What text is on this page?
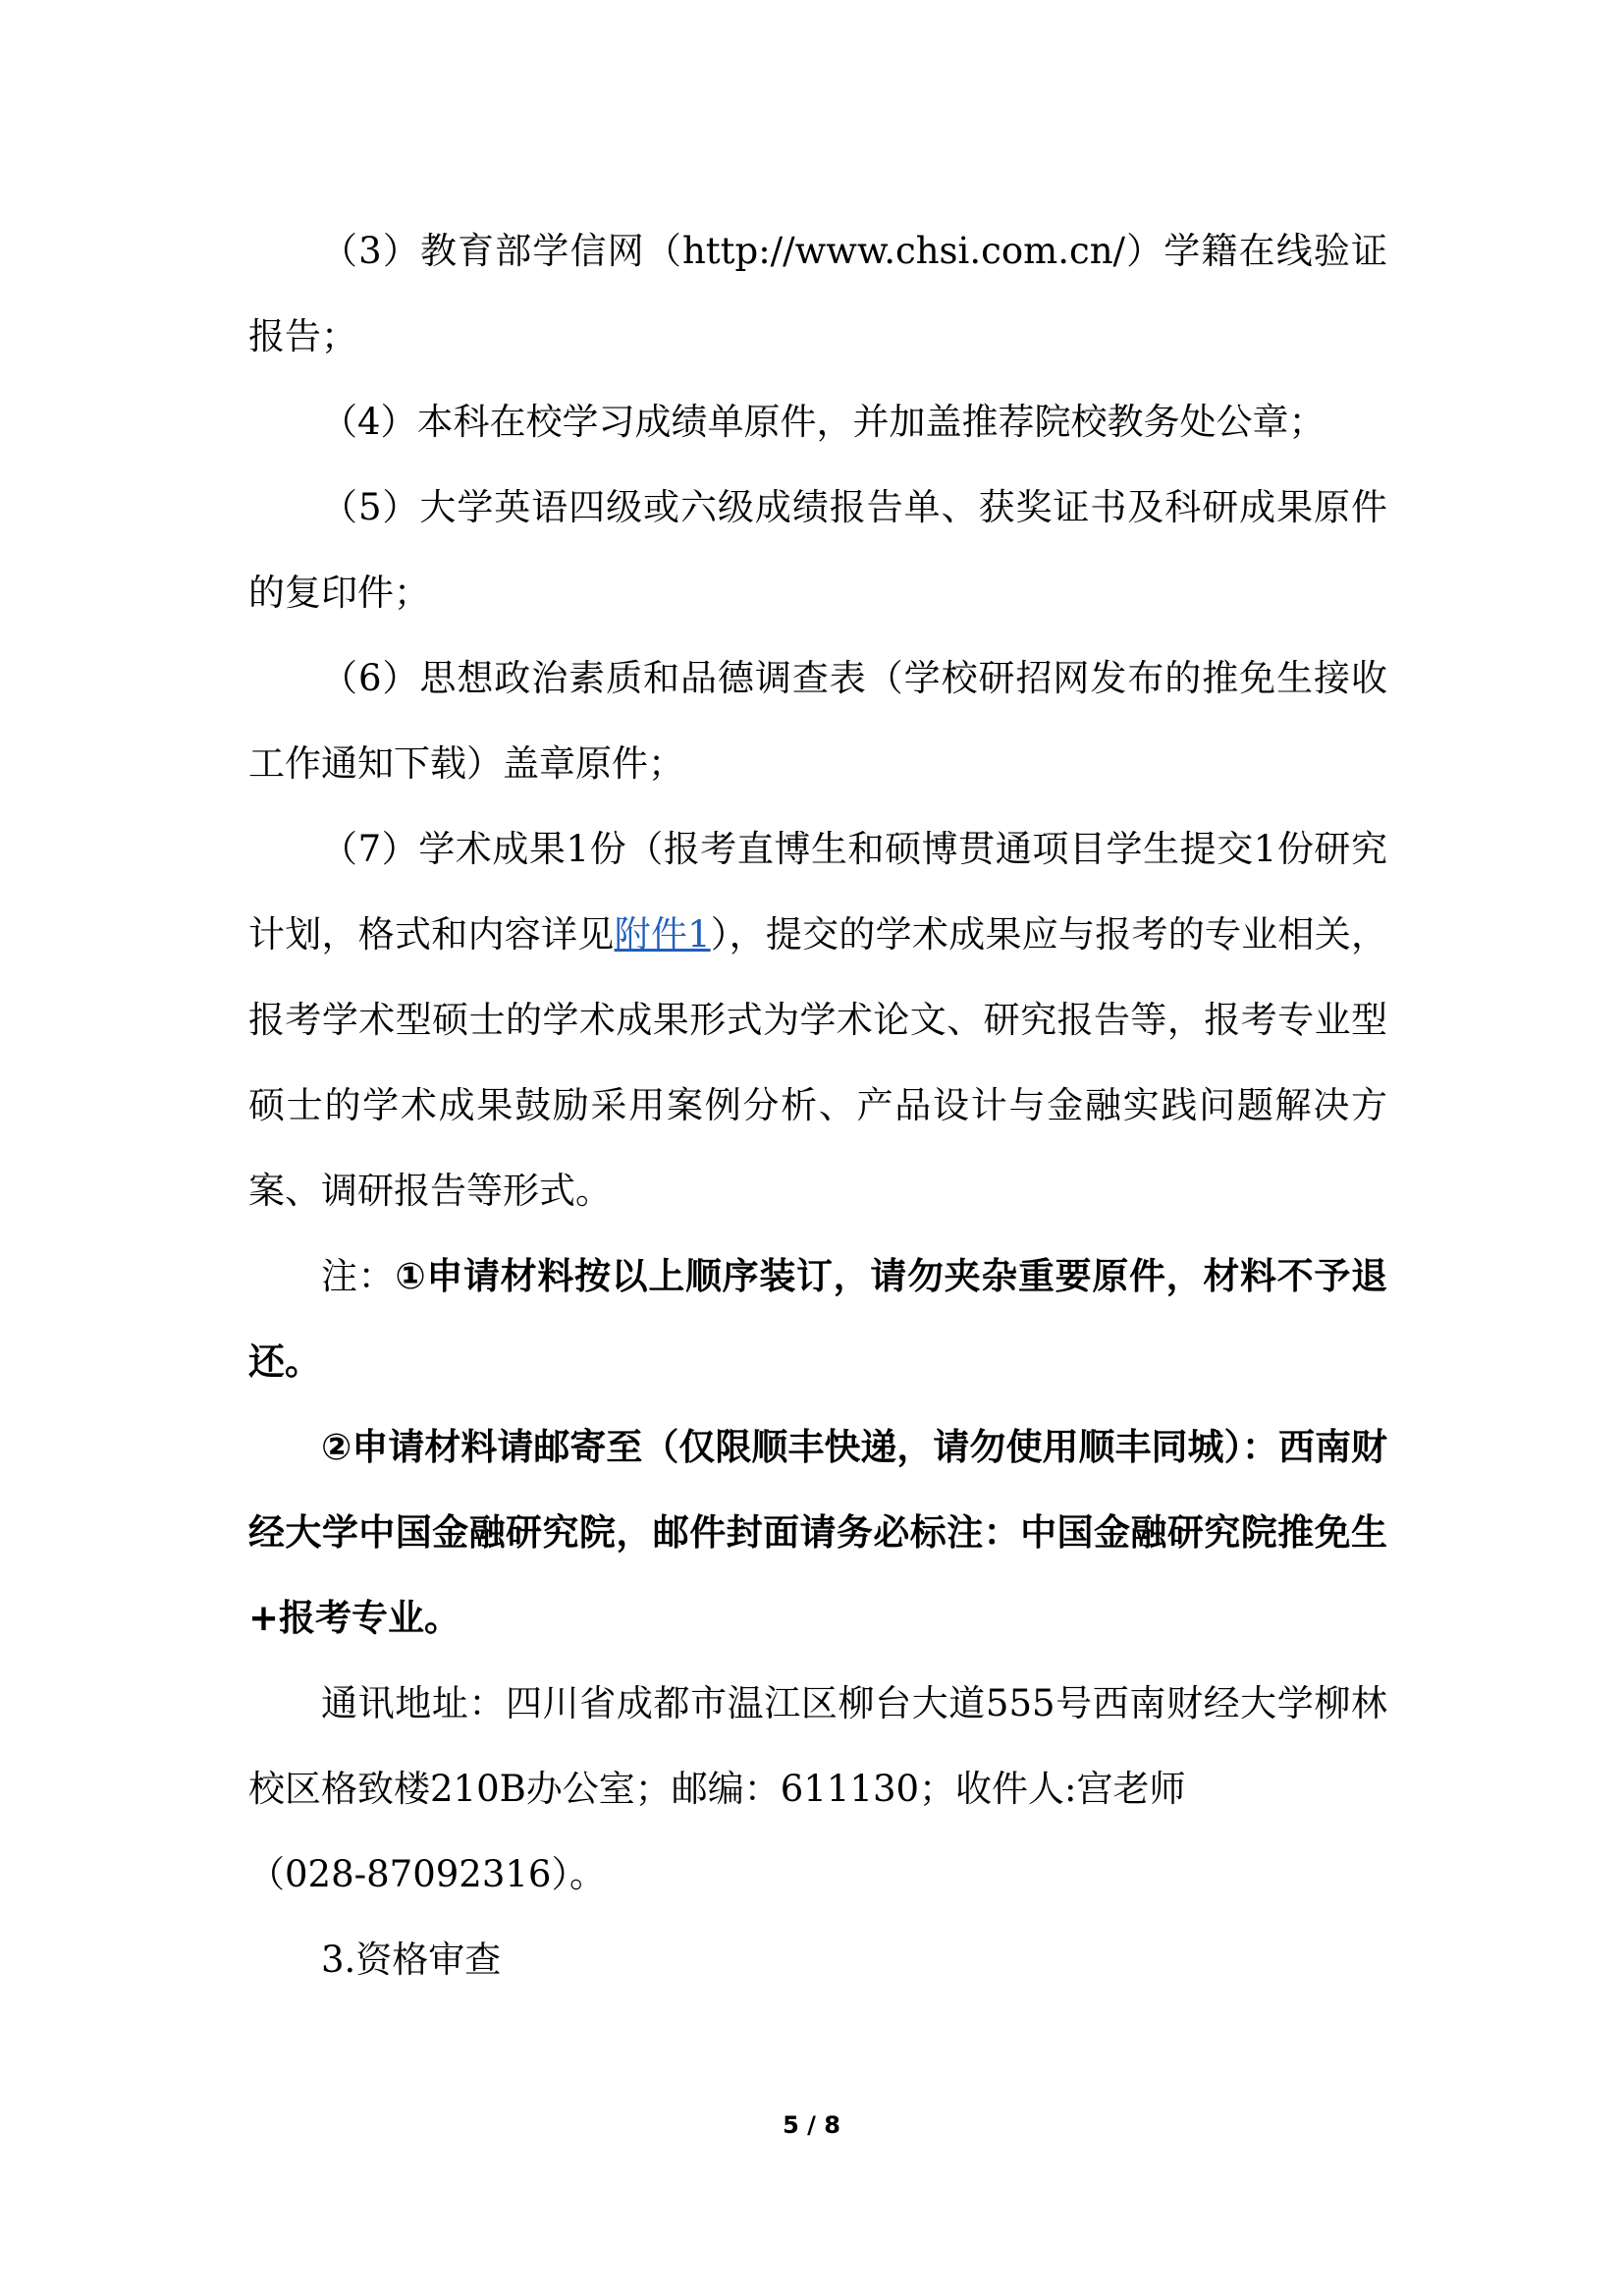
（3）教育部学信网（http://www.chsi.com.cn/）学籍在线验证报告；

（4）本科在校学习成绩单原件，并加盖推荐院校教务处公章；

（5）大学英语四级或六级成绩报告单、获奖证书及科研成果原件的复印件；

（6）思想政治素质和品德调查表（学校研招网发布的推免生接收工作通知下载）盖章原件；

（7）学术成果1份（报考直博生和硕博贯通项目学生提交1份研究计划，格式和内容详见附件1），提交的学术成果应与报考的专业相关，报考学术型硕士的学术成果形式为学术论文、研究报告等，报考专业型硕士的学术成果鼓励采用案例分析、产品设计与金融实践问题解决方案、调研报告等形式。

注：①申请材料按以上顺序装订，请勿夹杂重要原件，材料不予退还。

②申请材料请邮寄至（仅限顺丰快递，请勿使用顺丰同城）：西南财经大学中国金融研究院，邮件封面请务必标注：中国金融研究院推免生+报考专业。

通讯地址：四川省成都市温江区柳台大道555号西南财经大学柳林校区格致楼210B办公室；邮编：611130；收件人:宫老师

（028-87092316）。

3.资格审查

5 / 8
